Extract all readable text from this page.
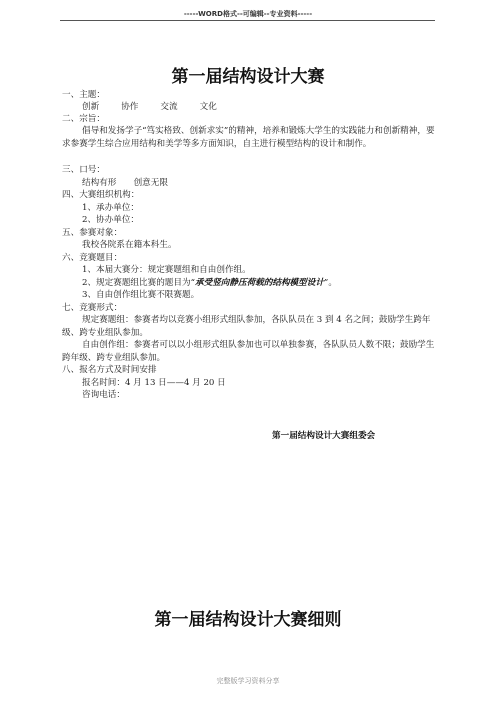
-----WORD格式--可编辑--专业资料-----
第一届结构设计大赛
一、主题：
创新	协作	交流	文化
二、宗旨：
倡导和发扬学子“笃实格致、创新求实”的精神，培养和锻炼大学生的实践能力和创新精神，要求参赛学生综合应用结构和美学等多方面知识，自主进行模型结构的设计和制作。
三、口号：
结构有形　　创意无限
四、大赛组织机构：
1、承办单位：
2、协办单位：
五、参赛对象：
我校各院系在籍本科生。
六、竞赛题目：
1、本届大赛分：规定赛题组和自由创作组。
2、规定赛题组比赛的题目为“承受竖向静压荷载的结构模型设计”。
3、自由创作组比赛不限赛题。
七、竞赛形式：
规定赛题组：参赛者均以竞赛小组形式组队参加，各队队员在 3 到 4 名之间；鼓励学生跨年级、跨专业组队参加。
自由创作组：参赛者可以以小组形式组队参加也可以单独参赛，各队队员人数不限；鼓励学生跨年级、跨专业组队参加。
八、报名方式及时间安排
报名时间：4 月 13 日——4 月 20 日
咨询电话：
第一届结构设计大赛组委会
第一届结构设计大赛细则
完整版学习资料分享
